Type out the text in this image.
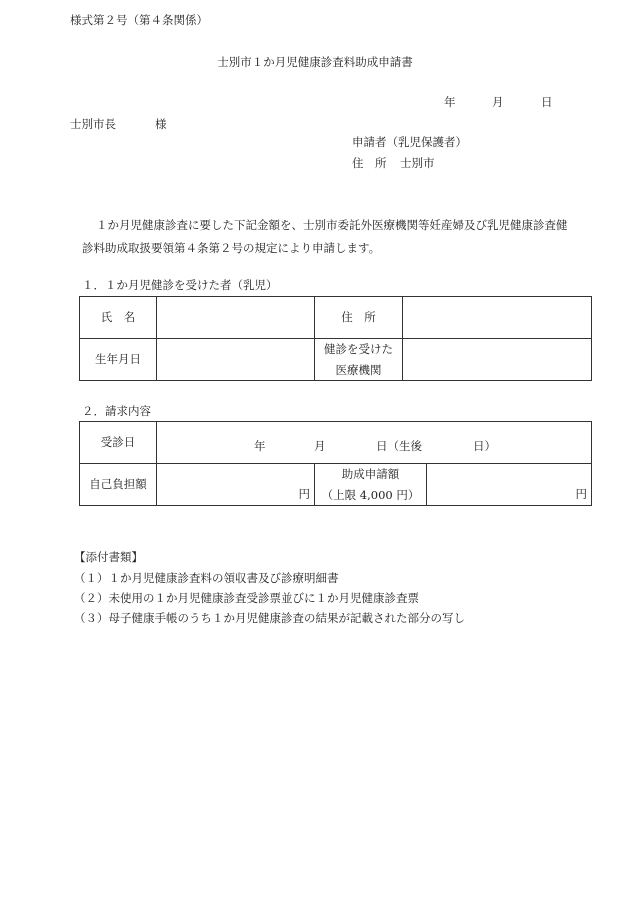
様式第２号（第４条関係）
士別市１か月児健康診査料助成申請書
年	月	日
士別市長	様
申請者（乳児保護者）
住　所 士別市
１か月児健康診査に要した下記金額を、士別市委託外医療機関等妊産婦及び乳児健康診査健
診料助成取扱要領第４条第２号の規定により申請します。
１．１か月児健診を受けた者（乳児）
氏　名		住　所	
生年月日		健診を受けた
医療機関	

２．請求内容
受診日	年 月 日（生後 日）		

自己負担額	円	助成申請額
（上限 4,000 円）	円
【添付書類】
（１）１か月児健康診査料の領収書及び診療明細書
（２）未使用の１か月児健康診査受診票並びに１か月児健康診査票
（３）母子健康手帳のうち１か月児健康診査の結果が記載された部分の写し
